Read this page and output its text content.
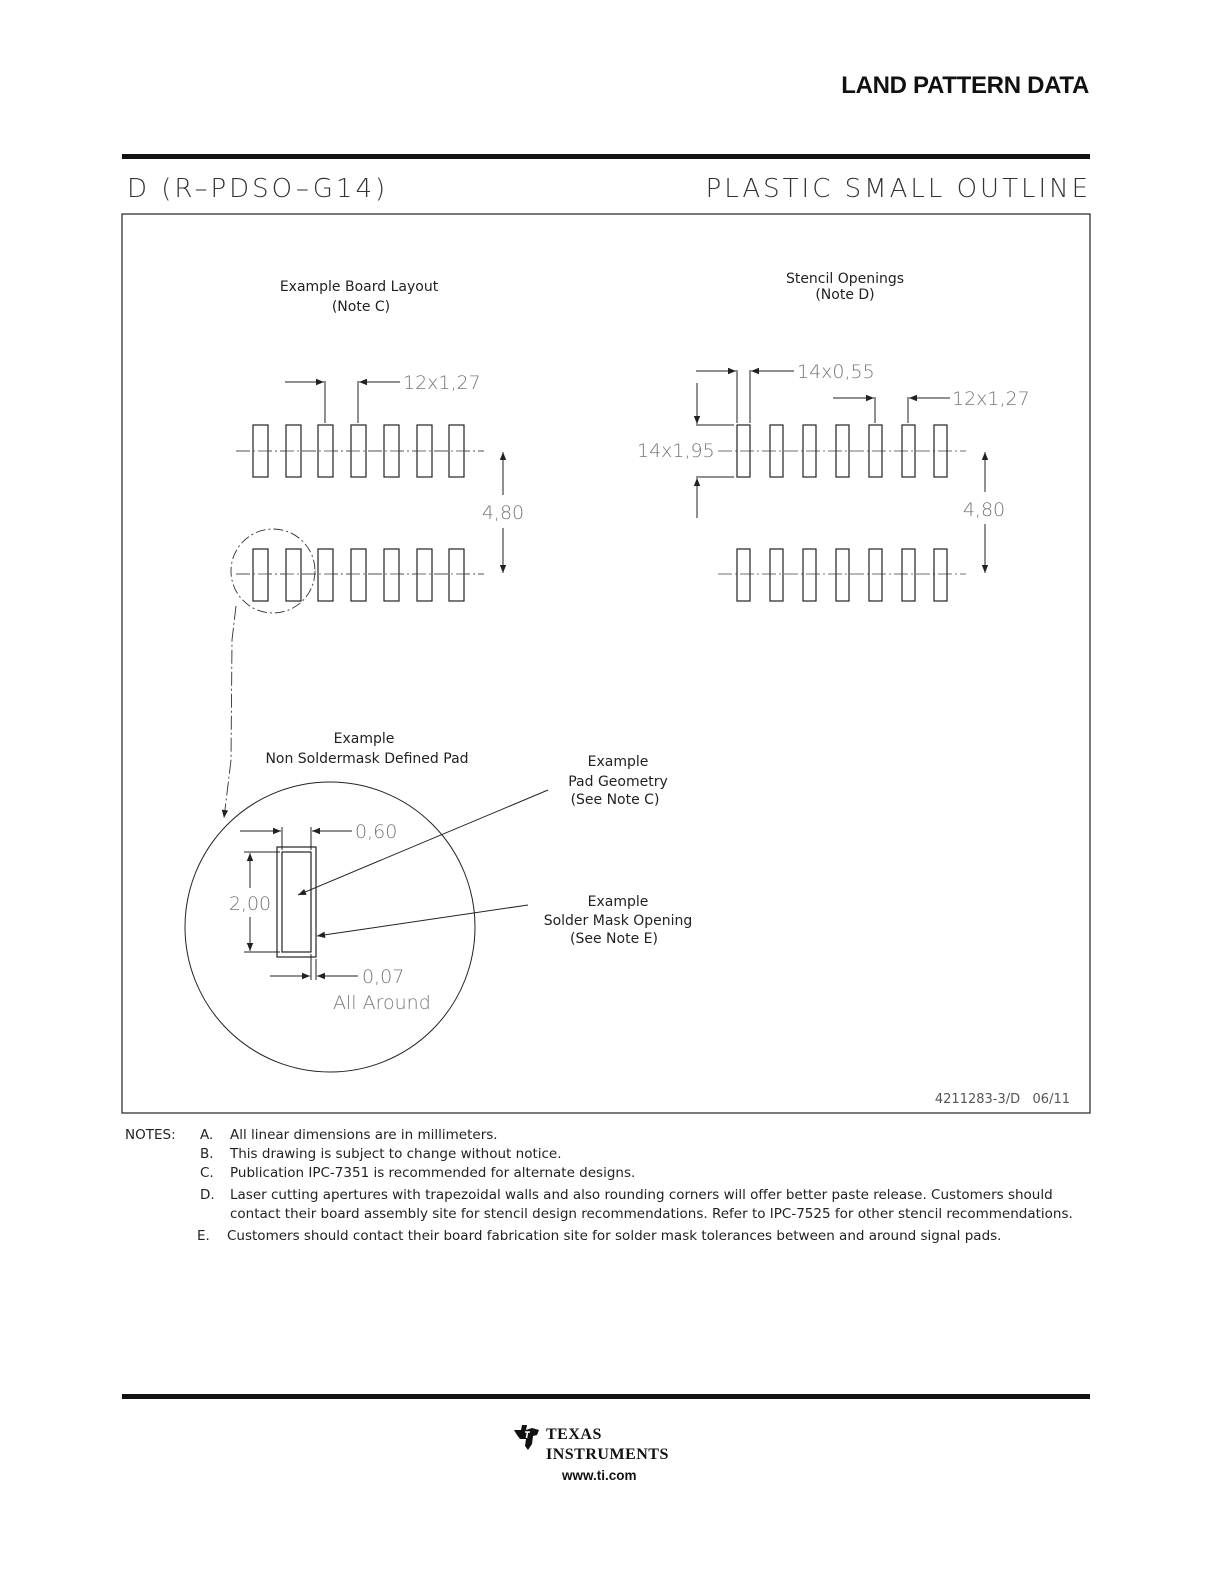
LAND PATTERN DATA
D (R–PDSO–G14)	PLASTIC SMALL OUTLINE
Example Board Layout
(Note C)
Stencil Openings
(Note D)
12x1,27
4,80
14x0,55
12x1,27
14x1,95
4,80
Example
Non Soldermask Defined Pad
0,60
2,00
0,07
All Around
Example
Pad Geometry
(See Note C)
Example
Solder Mask Opening
(See Note E)
4211283-3/D   06/11
NOTES: A. All linear dimensions are in millimeters.
B. This drawing is subject to change without notice.
C. Publication IPC-7351 is recommended for alternate designs.
D. Laser cutting apertures with trapezoidal walls and also rounding corners will offer better paste release. Customers should
contact their board assembly site for stencil design recommendations. Refer to IPC-7525 for other stencil recommendations.
E. Customers should contact their board fabrication site for solder mask tolerances between and around signal pads.
TEXAS
INSTRUMENTS
www.ti.com
